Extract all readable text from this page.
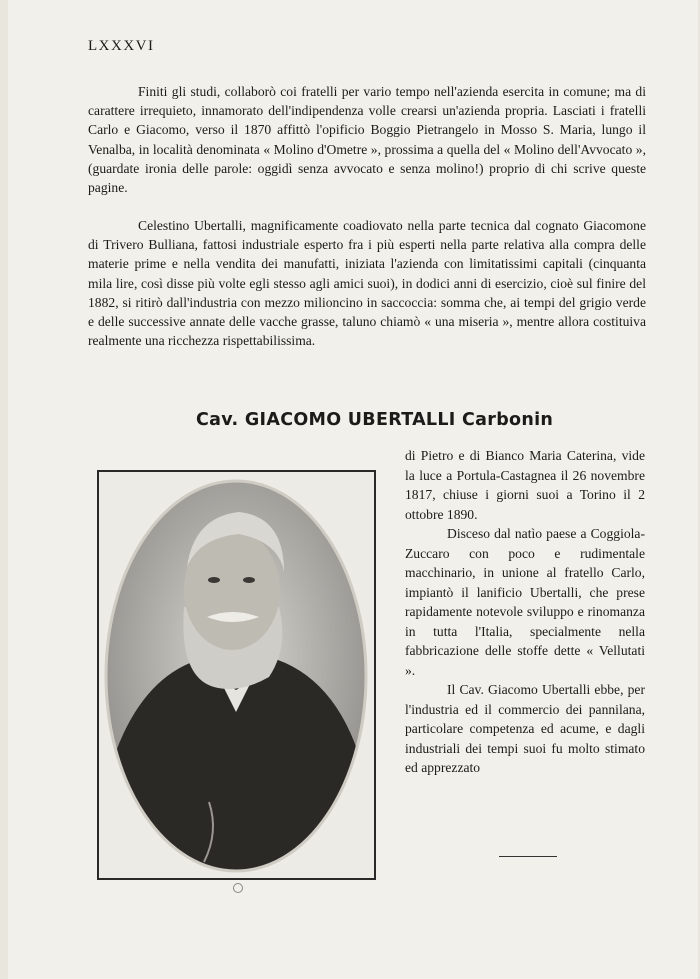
LXXXVI

Finiti gli studi, collaborò coi fratelli per vario tempo nell'azienda esercita in comune; ma di carattere irrequieto, innamorato dell'indipendenza volle crearsi un'azienda propria. Lasciati i fratelli Carlo e Giacomo, verso il 1870 affittò l'opificio Boggio Pietrangelo in Mosso S. Maria, lungo il Venalba, in località denominata « Molino d'Ometre », prossima a quella del « Molino dell'Avvocato », (guardate ironia delle parole: oggidì senza avvocato e senza molino!) proprio di chi scrive queste pagine.

Celestino Ubertalli, magnificamente coadiovato nella parte tecnica dal cognato Giacomone di Trivero Bulliana, fattosi industriale esperto fra i più esperti nella parte relativa alla compra delle materie prime e nella vendita dei manufatti, iniziata l'azienda con limitatissimi capitali (cinquanta mila lire, così disse più volte egli stesso agli amici suoi), in dodici anni di esercizio, cioè sul finire del 1882, si ritirò dall'industria con mezzo milioncino in saccoccia: somma che, ai tempi del grigio verde e delle successive annate delle vacche grasse, taluno chiamò « una miseria », mentre allora costituiva realmente una ricchezza rispettabilissima.

Cav. GIACOMO UBERTALLI Carbonin

di Pietro e di Bianco Maria Caterina, vide la luce a Portula-Castagnea il 26 novembre 1817, chiuse i giorni suoi a Torino il 2 ottobre 1890.

Disceso dal natìo paese a Coggiola-Zuccaro con poco e rudimentale macchinario, in unione al fratello Carlo, impiantò il lanificio Ubertalli, che prese rapidamente notevole sviluppo e rinomanza in tutta l'Italia, specialmente nella fabbricazione delle stoffe dette « Vellutati ».

Il Cav. Giacomo Ubertalli ebbe, per l'industria ed il commercio dei pannilana, particolare competenza ed acume, e dagli industriali dei tempi suoi fu molto stimato ed apprezzato
